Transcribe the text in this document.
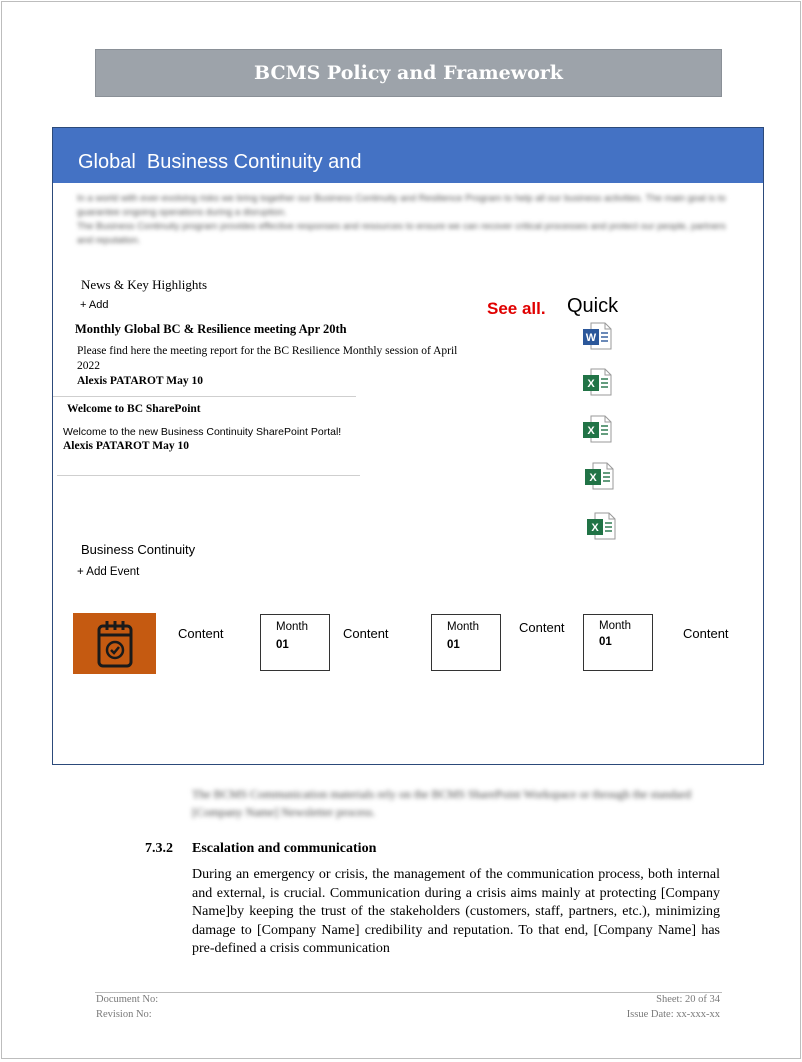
BCMS Policy and Framework
Global  Business Continuity and
In a world with ever-evolving risks we bring together our Business Continuity and Resilience Program to help all our business activities. The main goal is to guarantee ongoing operations during a disruption.
The Business Continuity program provides effective responses and resources to ensure we can recover critical processes and protect our people, partners and reputation.
News & Key Highlights
+ Add
Monthly Global BC & Resilience meeting Apr 20th
Please find here the meeting report for the BC Resilience Monthly session of April 2022
Alexis PATAROT May 10
Welcome to BC SharePoint
Welcome to the new Business Continuity SharePoint Portal!
Alexis PATAROT May 10
See all. Quick
W
X
X
X
X
Business Continuity
+ Add Event
Content	Month
01
Content	Month
01
Content	Month
01
Content
The BCMS Communication materials rely on the BCMS SharePoint Workspace or through the standard [Company Name] Newsletter process.
7.3.2 Escalation and communication
During an emergency or crisis, the management of the communication process, both internal and external, is crucial. Communication during a crisis aims mainly at protecting [Company Name]by keeping the trust of the stakeholders (customers, staff, partners, etc.), minimizing damage to [Company Name] credibility and reputation. To that end, [Company Name] has pre-defined a crisis communication
Document No:
Revision No:
Sheet: 20 of 34
Issue Date: xx-xxx-xx
